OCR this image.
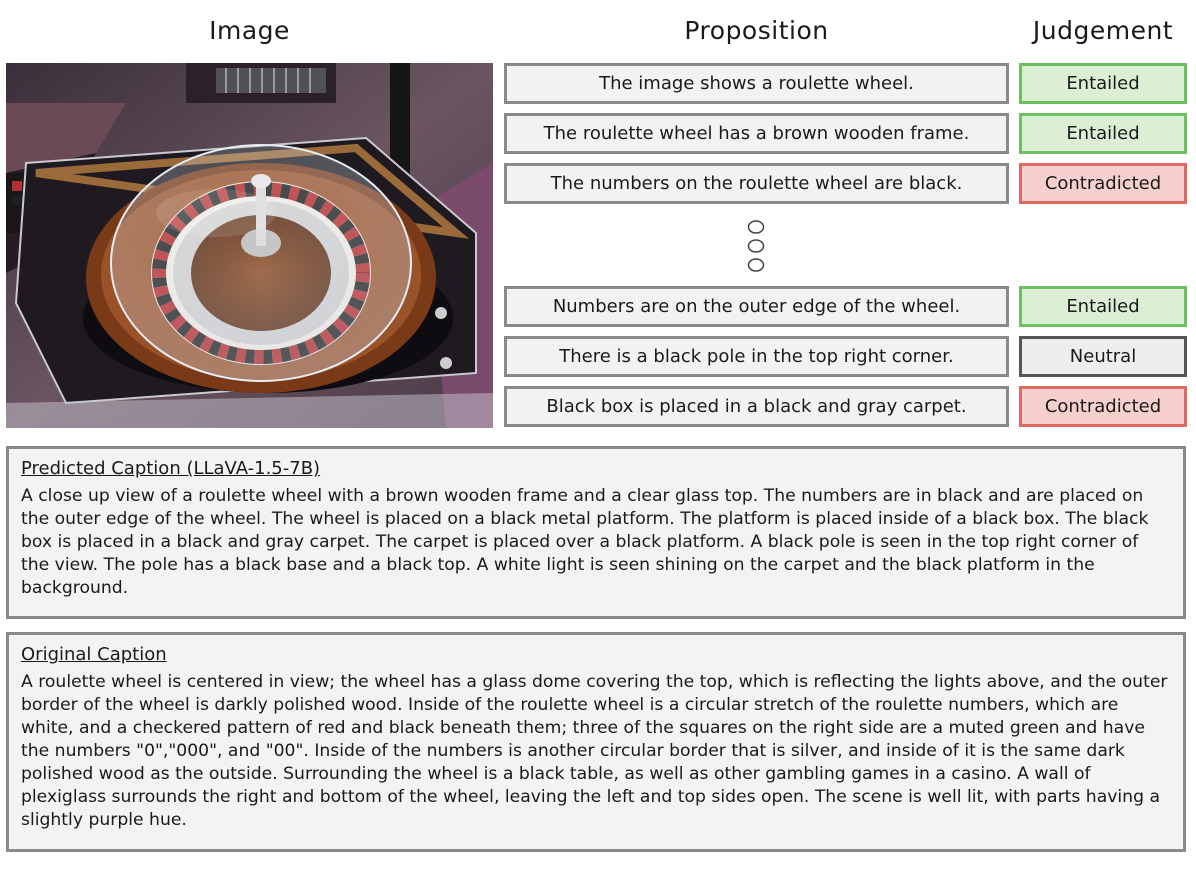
Image	Proposition	Judgement
The image shows a roulette wheel.	Entailed
The roulette wheel has a brown wooden frame.	Entailed
The numbers on the roulette wheel are black.	Contradicted
Numbers are on the outer edge of the wheel.	Entailed
There is a black pole in the top right corner.	Neutral
Black box is placed in a black and gray carpet.	Contradicted
Predicted Caption (LLaVA-1.5-7B)
A close up view of a roulette wheel with a brown wooden frame and a clear glass top. The numbers are in black and are placed on the outer edge of the wheel. The wheel is placed on a black metal platform. The platform is placed inside of a black box. The black box is placed in a black and gray carpet. The carpet is placed over a black platform. A black pole is seen in the top right corner of the view. The pole has a black base and a black top. A white light is seen shining on the carpet and the black platform in the background.
Original Caption
A roulette wheel is centered in view; the wheel has a glass dome covering the top, which is reflecting the lights above, and the outer border of the wheel is darkly polished wood. Inside of the roulette wheel is a circular stretch of the roulette numbers, which are white, and a checkered pattern of red and black beneath them; three of the squares on the right side are a muted green and have the numbers "0","000", and "00". Inside of the numbers is another circular border that is silver, and inside of it is the same dark polished wood as the outside. Surrounding the wheel is a black table, as well as other gambling games in a casino. A wall of plexiglass surrounds the right and bottom of the wheel, leaving the left and top sides open. The scene is well lit, with parts having a slightly purple hue.
